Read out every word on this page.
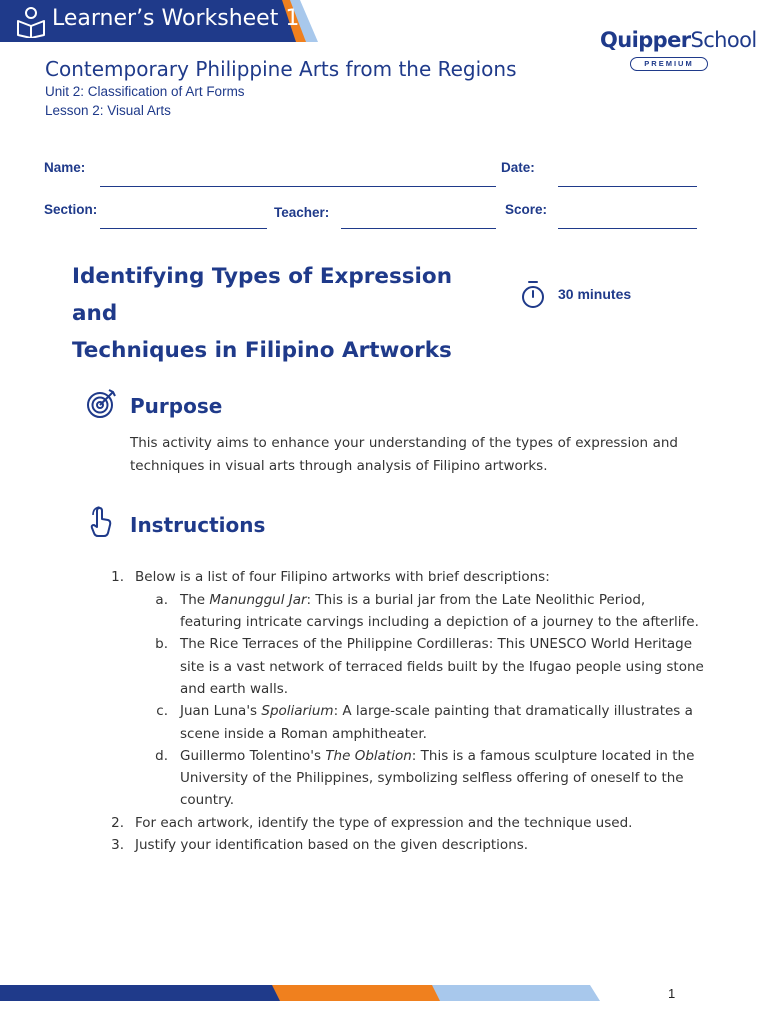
Learner’s Worksheet 1
QuipperSchool
PREMIUM
Contemporary Philippine Arts from the Regions
Unit 2: Classification of Art Forms
Lesson 2: Visual Arts
Name:	Date:
Section:	Teacher:	Score:
Identifying Types of Expression and
Techniques in Filipino Artworks
30 minutes
Purpose
This activity aims to enhance your understanding of the types of expression and techniques in visual arts through analysis of Filipino artworks.
Instructions
1. Below is a list of four Filipino artworks with brief descriptions:
a. The Manunggul Jar: This is a burial jar from the Late Neolithic Period,
featuring intricate carvings including a depiction of a journey to the afterlife.
b. The Rice Terraces of the Philippine Cordilleras: This UNESCO World Heritage
site is a vast network of terraced fields built by the Ifugao people using stone
and earth walls.
c. Juan Luna's Spoliarium: A large-scale painting that dramatically illustrates a
scene inside a Roman amphitheater.
d. Guillermo Tolentino's The Oblation: This is a famous sculpture located in the
University of the Philippines, symbolizing selfless offering of oneself to the
country.
2. For each artwork, identify the type of expression and the technique used.
3. Justify your identification based on the given descriptions.
1
